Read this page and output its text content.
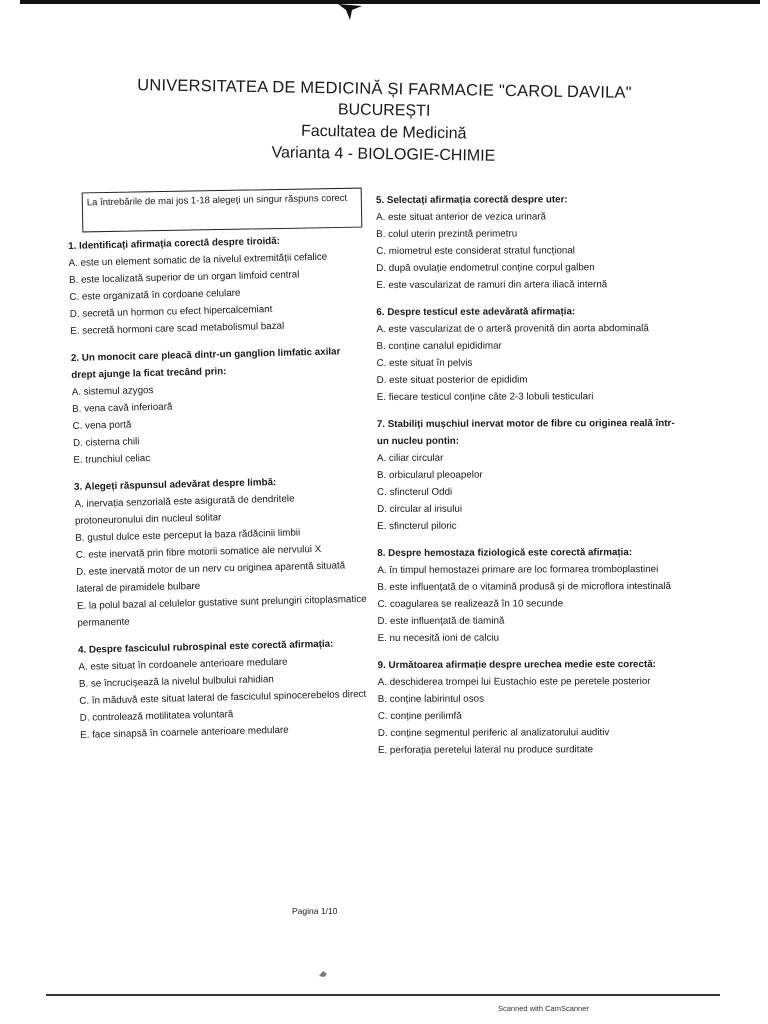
UNIVERSITATEA DE MEDICINĂ ȘI FARMACIE "CAROL DAVILA"
BUCUREȘTI
Facultatea de Medicină
Varianta 4 - BIOLOGIE-CHIMIE
La întrebările de mai jos 1-18 alegeți un singur răspuns corect
1. Identificați afirmația corectă despre tiroidă:
A. este un element somatic de la nivelul extremității cefalice
B. este localizată superior de un organ limfoid central
C. este organizată în cordoane celulare
D. secretă un hormon cu efect hipercalcemiant
E. secretă hormoni care scad metabolismul bazal
2. Un monocit care pleacă dintr-un ganglion limfatic axilar drept ajunge la ficat trecând prin:
A. sistemul azygos
B. vena cavă inferioară
C. vena portă
D. cisterna chili
E. trunchiul celiac
3. Alegeți răspunsul adevărat despre limbă:
A. inervația senzorială este asigurată de dendritele protoneuronului din nucleul solitar
B. gustul dulce este perceput la baza rădăcinii limbii
C. este inervată prin fibre motorii somatice ale nervului X
D. este inervată motor de un nerv cu originea aparentă situată lateral de piramidele bulbare
E. la polul bazal al celulelor gustative sunt prelungiri citoplasmatice permanente
4. Despre fasciculul rubrospinal este corectă afirmația:
A. este situat în cordoanele anterioare medulare
B. se încrucișează la nivelul bulbului rahidian
C. în măduvă este situat lateral de fasciculul spinocerebelos direct
D. controlează motilitatea voluntară
E. face sinapsă în coarnele anterioare medulare
5. Selectați afirmația corectă despre uter:
A. este situat anterior de vezica urinară
B. colul uterin prezintă perimetru
C. miometrul este considerat stratul funcțional
D. după ovulație endometrul conține corpul galben
E. este vascularizat de ramuri din artera iliacă internă
6. Despre testicul este adevărată afirmația:
A. este vascularizat de o arteră provenită din aorta abdominală
B. conține canalul epididimar
C. este situat în pelvis
D. este situat posterior de epididim
E. fiecare testicul conține câte 2-3 lobuli testiculari
7. Stabiliți mușchiul inervat motor de fibre cu originea reală într-un nucleu pontin:
A. ciliar circular
B. orbicularul pleoapelor
C. sfincterul Oddi
D. circular al irisului
E. sfincterul piloric
8. Despre hemostaza fiziologică este corectă afirmația:
A. în timpul hemostazei primare are loc formarea tromboplastinei
B. este influențată de o vitamină produsă și de microflora intestinală
C. coagularea se realizează în 10 secunde
D. este influențată de tiamină
E. nu necesită ioni de calciu
9. Următoarea afirmație despre urechea medie este corectă:
A. deschiderea trompei lui Eustachio este pe peretele posterior
B. conține labirintul osos
C. conține perilimfă
D. conține segmentul periferic al analizatorului auditiv
E. perforația peretelui lateral nu produce surditate
Pagina 1/10
Scanned with CamScanner
